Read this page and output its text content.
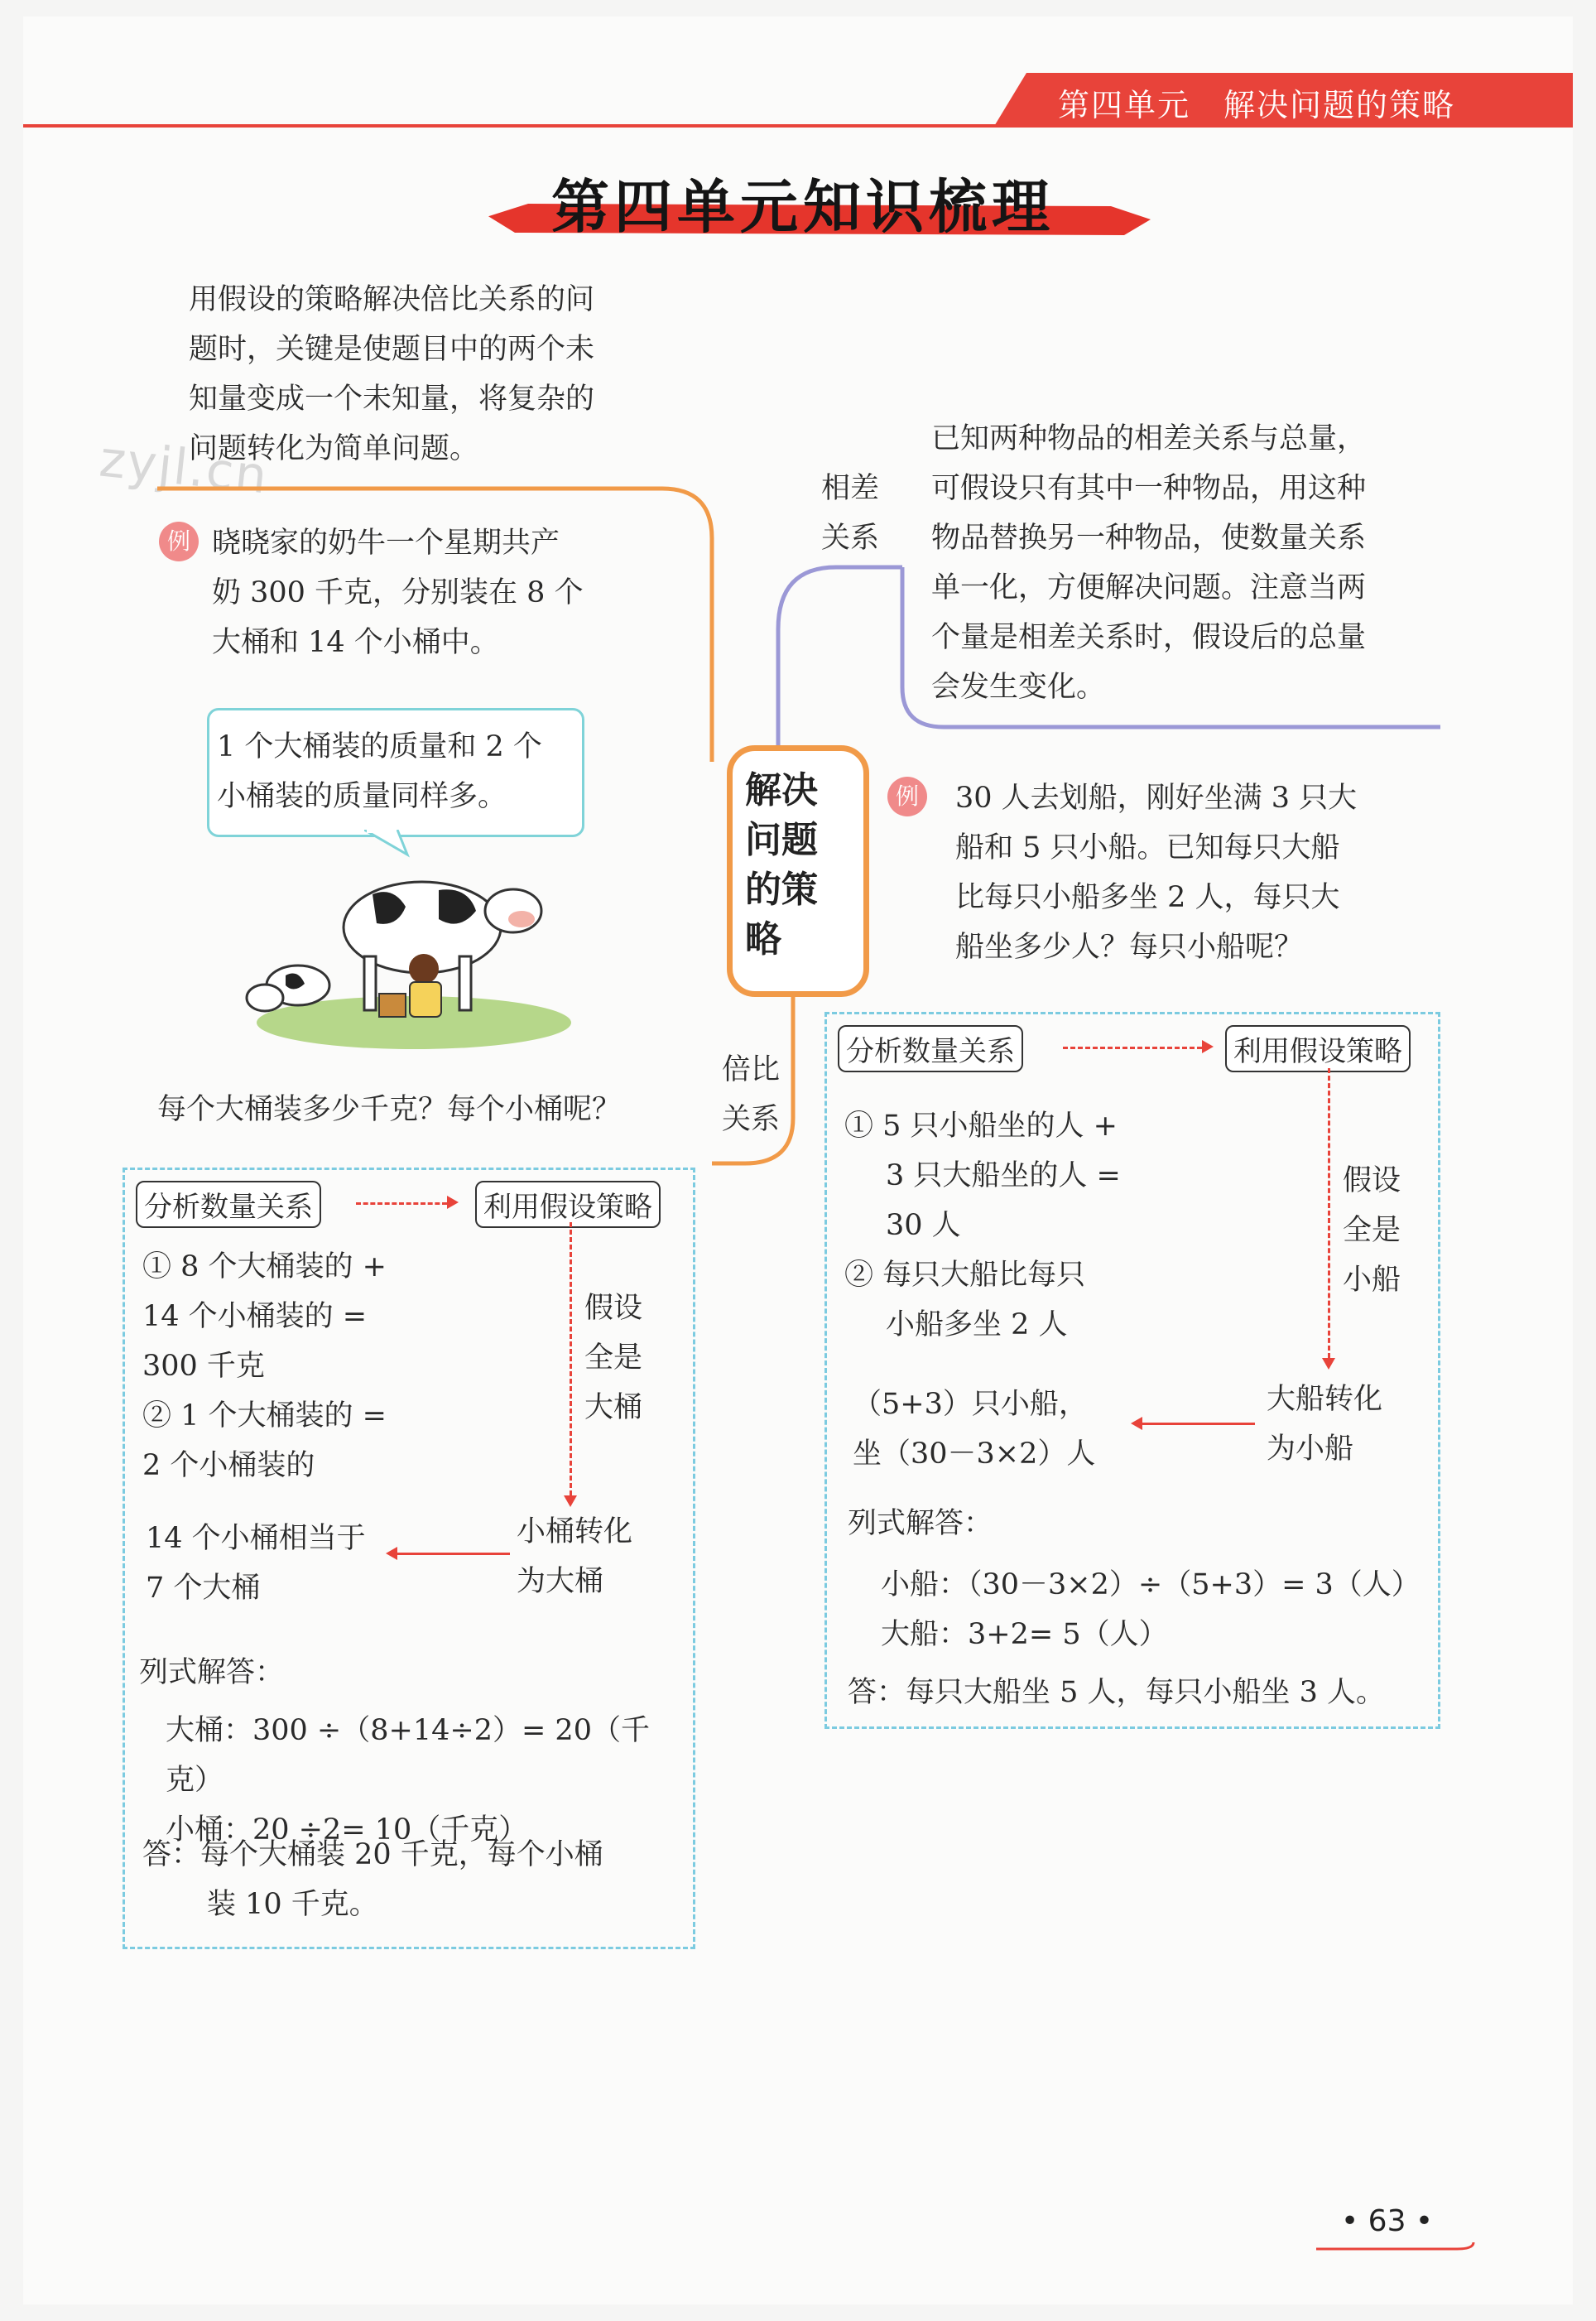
第四单元　解决问题的策略
第四单元知识梳理
用假设的策略解决倍比关系的问
题时，关键是使题目中的两个未
知量变成一个未知量，将复杂的
问题转化为简单问题。
zyjl.cn
解决
问题
的策
略
相差
关系
倍比
关系
已知两种物品的相差关系与总量，
可假设只有其中一种物品，用这种
物品替换另一种物品，使数量关系
单一化，方便解决问题。注意当两
个量是相差关系时，假设后的总量
会发生变化。
例 晓晓家的奶牛一个星期共产
奶 300 千克，分别装在 8 个
大桶和 14 个小桶中。
1 个大桶装的质量和 2 个
小桶装的质量同样多。
每个大桶装多少千克？每个小桶呢？
分析数量关系	利用假设策略
① 8 个大桶装的 +
14 个小桶装的 =
300 千克
② 1 个大桶装的 =
2 个小桶装的
假设
全是
大桶
小桶转化
为大桶
14 个小桶相当于
7 个大桶
列式解答：
大桶：300 ÷（8+14÷2）= 20（千克）
小桶：20 ÷2= 10（千克）
答：每个大桶装 20 千克，每个小桶
装 10 千克。
例 30 人去划船，刚好坐满 3 只大
船和 5 只小船。已知每只大船
比每只小船多坐 2 人，每只大
船坐多少人？每只小船呢？
分析数量关系	利用假设策略
① 5 只小船坐的人 +
3 只大船坐的人 =
30 人
② 每只大船比每只
小船多坐 2 人
假设
全是
小船
大船转化
为小船
（5+3）只小船，
坐（30－3×2）人
列式解答：
小船：（30－3×2）÷（5+3）= 3（人）
大船：3+2= 5（人）
答：每只大船坐 5 人，每只小船坐 3 人。
• 63 •
